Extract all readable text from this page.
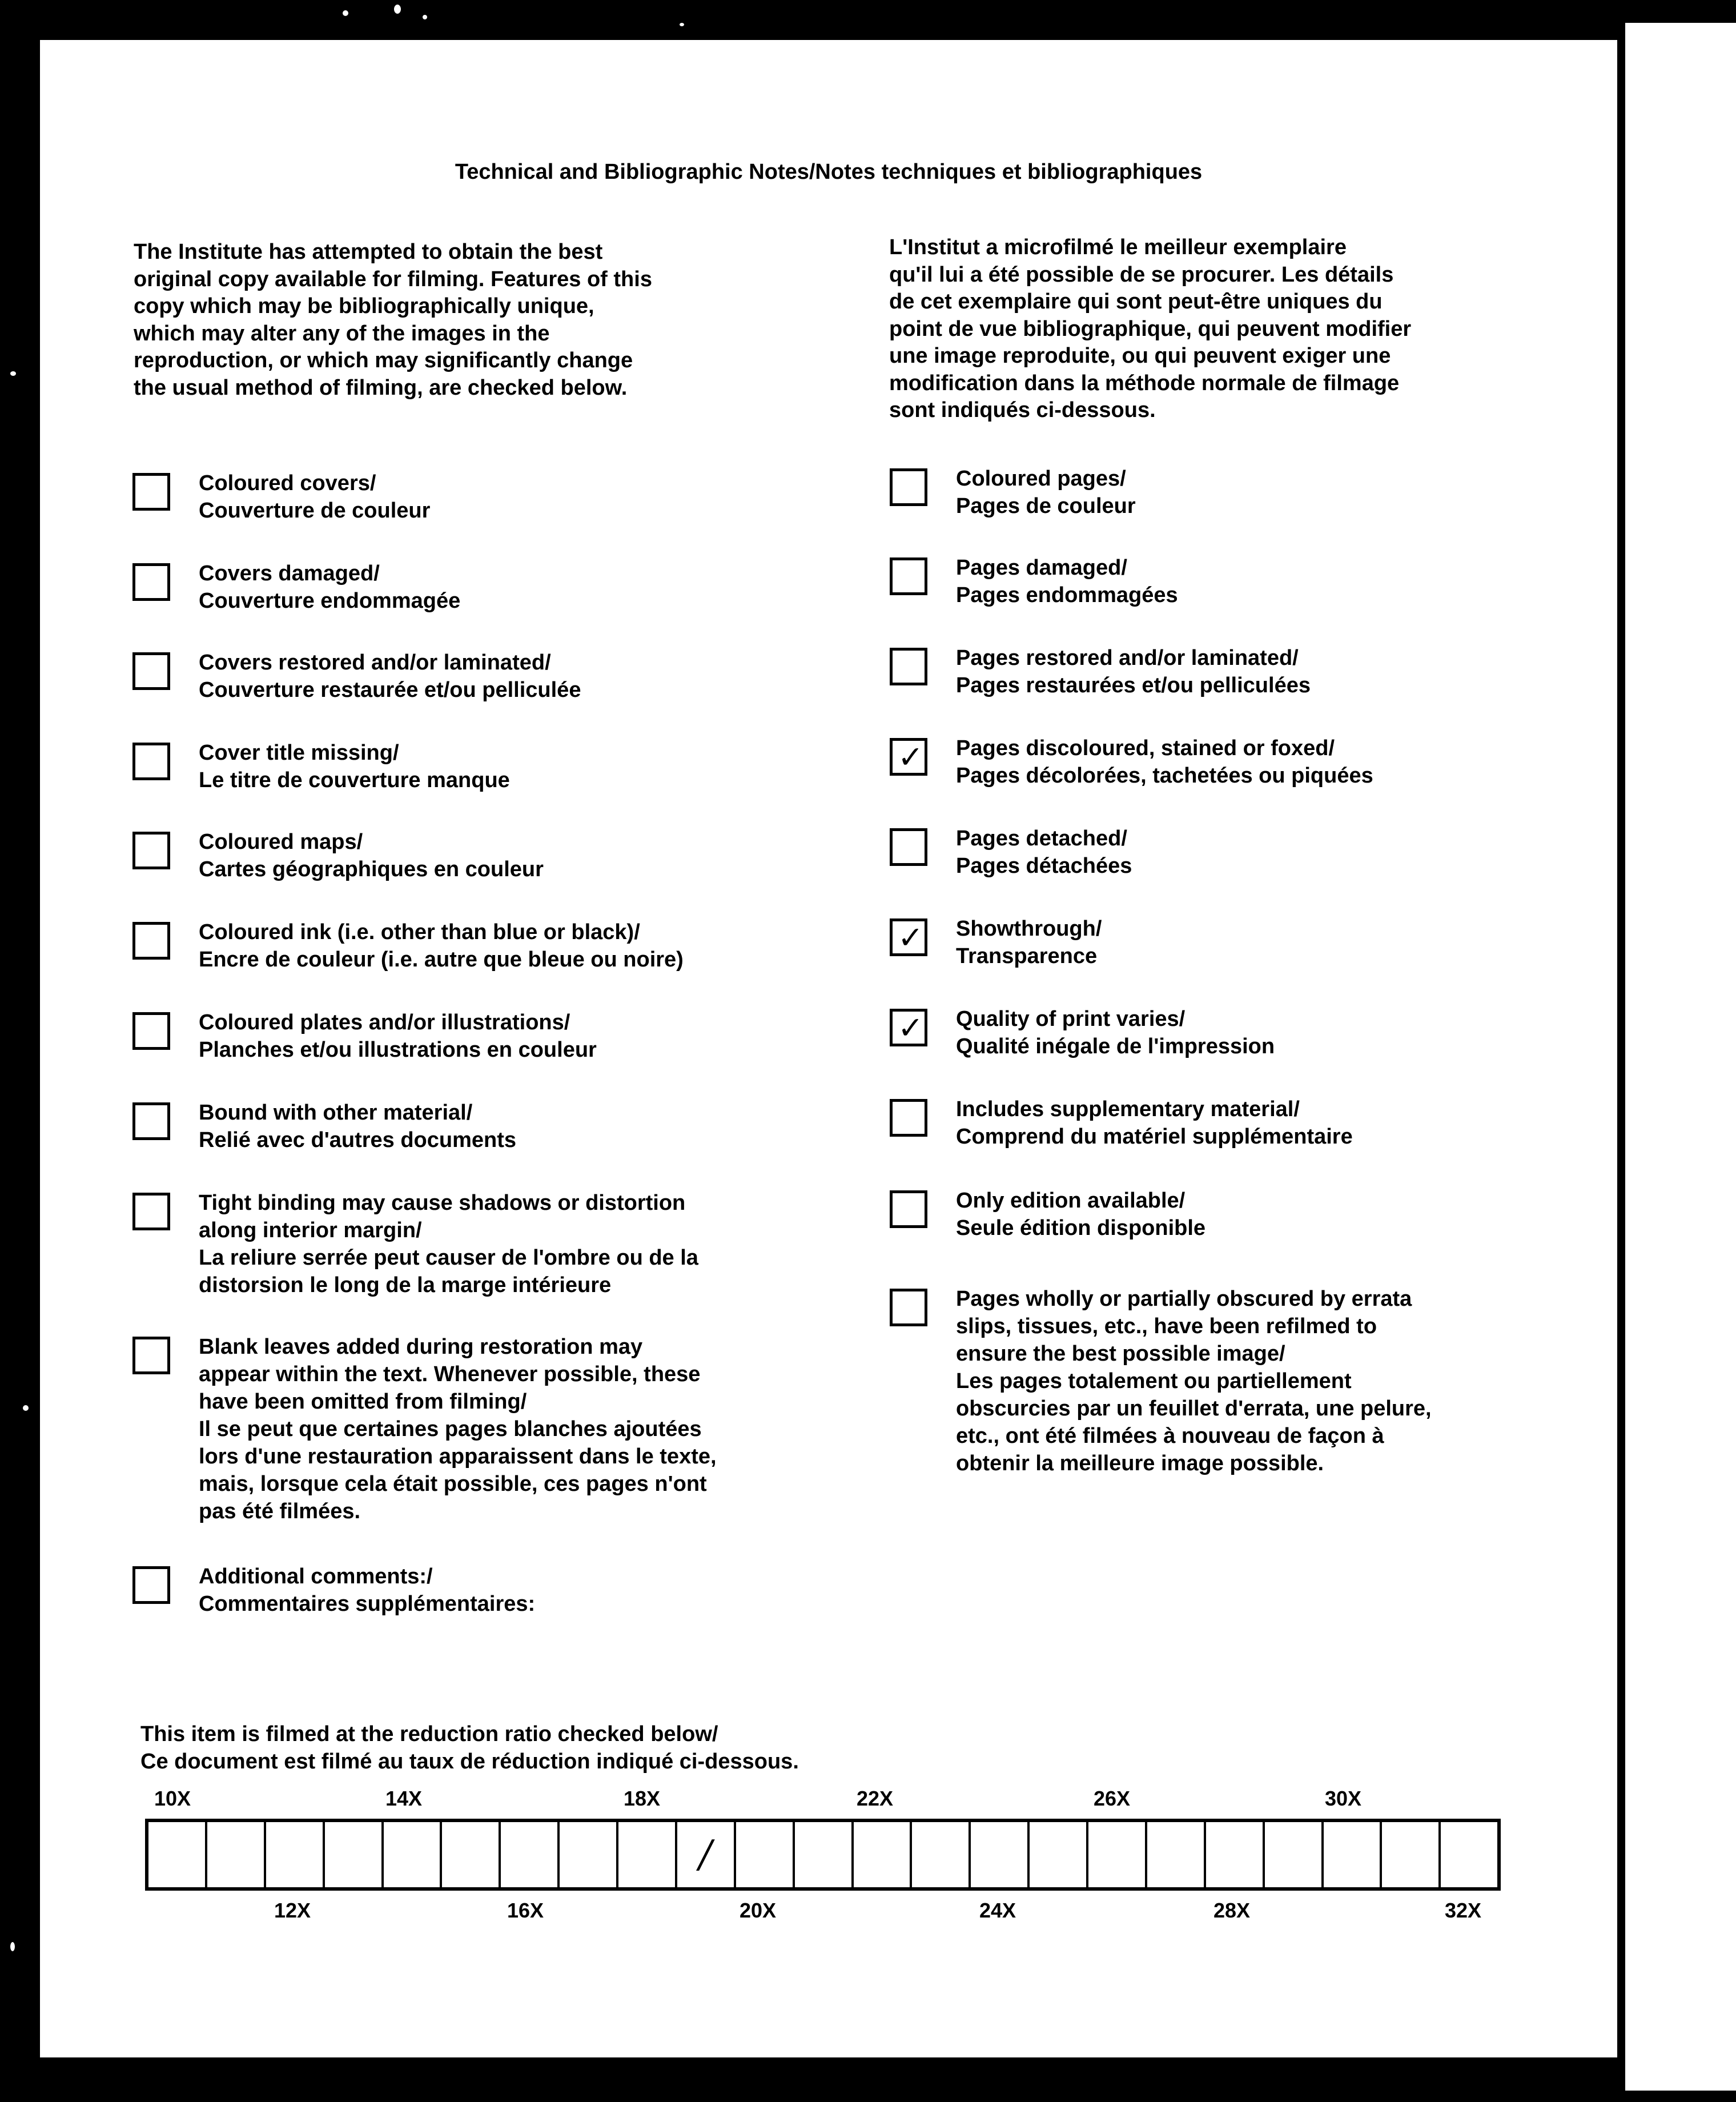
Technical and Bibliographic Notes/Notes techniques et bibliographiques
The Institute has attempted to obtain the best
original copy available for filming. Features of this
copy which may be bibliographically unique,
which may alter any of the images in the
reproduction, or which may significantly change
the usual method of filming, are checked below.
L'Institut a microfilmé le meilleur exemplaire
qu'il lui a été possible de se procurer. Les détails
de cet exemplaire qui sont peut-être uniques du
point de vue bibliographique, qui peuvent modifier
une image reproduite, ou qui peuvent exiger une
modification dans la méthode normale de filmage
sont indiqués ci-dessous.
Coloured covers/
Couverture de couleur
Covers damaged/
Couverture endommagée
Covers restored and/or laminated/
Couverture restaurée et/ou pelliculée
Cover title missing/
Le titre de couverture manque
Coloured maps/
Cartes géographiques en couleur
Coloured ink (i.e. other than blue or black)/
Encre de couleur (i.e. autre que bleue ou noire)
Coloured plates and/or illustrations/
Planches et/ou illustrations en couleur
Bound with other material/
Relié avec d'autres documents
Tight binding may cause shadows or distortion
along interior margin/
La reliure serrée peut causer de l'ombre ou de la
distorsion le long de la marge intérieure
Blank leaves added during restoration may
appear within the text. Whenever possible, these
have been omitted from filming/
Il se peut que certaines pages blanches ajoutées
lors d'une restauration apparaissent dans le texte,
mais, lorsque cela était possible, ces pages n'ont
pas été filmées.
Additional comments:/
Commentaires supplémentaires:
Coloured pages/
Pages de couleur
Pages damaged/
Pages endommagées
Pages restored and/or laminated/
Pages restaurées et/ou pelliculées
✓ Pages discoloured, stained or foxed/
Pages décolorées, tachetées ou piquées
Pages detached/
Pages détachées
✓ Showthrough/
Transparence
✓ Quality of print varies/
Qualité inégale de l'impression
Includes supplementary material/
Comprend du matériel supplémentaire
Only edition available/
Seule édition disponible
Pages wholly or partially obscured by errata
slips, tissues, etc., have been refilmed to
ensure the best possible image/
Les pages totalement ou partiellement
obscurcies par un feuillet d'errata, une pelure,
etc., ont été filmées à nouveau de façon à
obtenir la meilleure image possible.
This item is filmed at the reduction ratio checked below/
Ce document est filmé au taux de réduction indiqué ci-dessous.
10X	14X	18X	22X	26X	30X
12X	16X	20X	24X	28X	32X
/
